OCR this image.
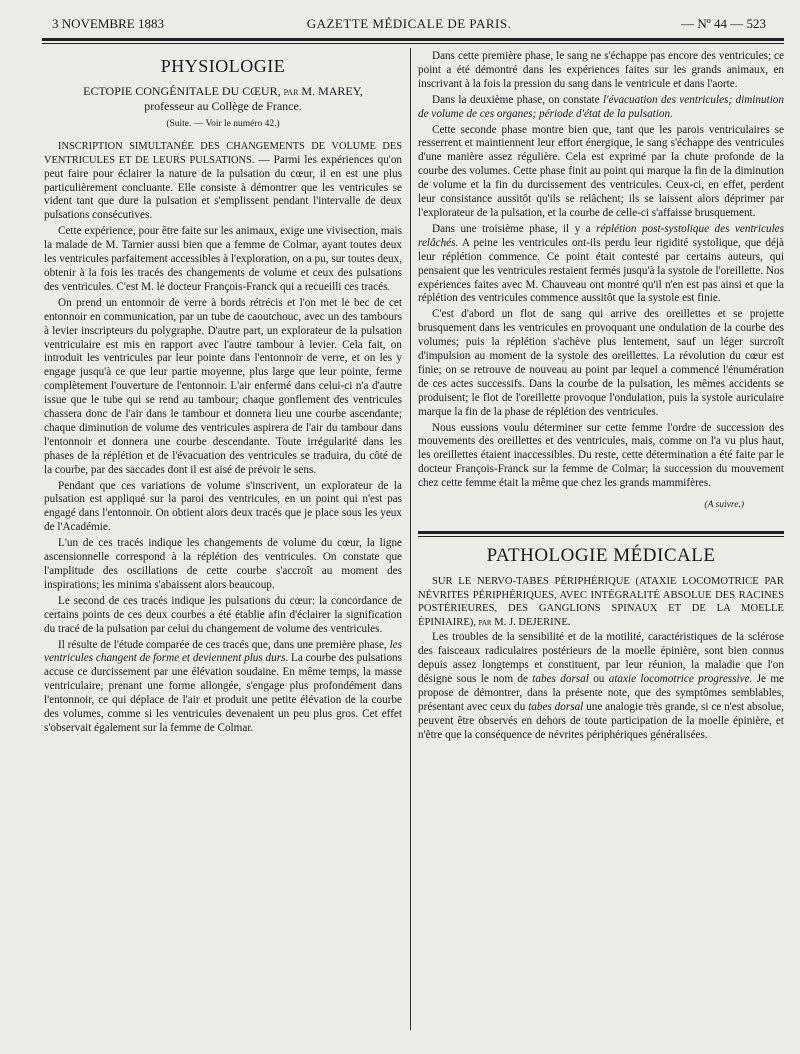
3 NOVEMBRE 1883	GAZETTE MÉDICALE DE PARIS.	— Nº 44 — 523
PHYSIOLOGIE
ECTOPIE CONGÉNITALE DU CŒUR, par M. MAREY,
professeur au Collège de France.
(Suite. — Voir le numéro 42.)

INSCRIPTION SIMULTANÉE DES CHANGEMENTS DE VOLUME DES VENTRICULES ET DE LEURS PULSATIONS. — Parmi les expériences qu'on peut faire pour éclairer la nature de la pulsation du cœur, il en est une plus particulièrement concluante. Elle consiste à démontrer que les ventricules se vident tant que dure la pulsation et s'emplissent pendant l'intervalle de deux pulsations consécutives.

Cette expérience, pour être faite sur les animaux, exige une vivisection, mais la malade de M. Tarnier aussi bien que a femme de Colmar, ayant toutes deux les ventricules parfaitement accessibles à l'exploration, on a pu, sur toutes deux, obtenir à la fois les tracés des changements de volume et ceux des pulsations des ventricules. C'est M. le docteur François-Franck qui a recueilli ces tracés.

On prend un entonnoir de verre à bords rétrécis et l'on met le bec de cet entonnoir en communication, par un tube de caoutchouc, avec un des tambours à levier inscripteurs du polygraphe. D'autre part, un explorateur de la pulsation ventriculaire est mis en rapport avec l'autre tambour à levier. Cela fait, on introduit les ventricules par leur pointe dans l'entonnoir de verre, et on les y engage jusqu'à ce que leur partie moyenne, plus large que leur pointe, ferme complètement l'ouverture de l'entonnoir. L'air enfermé dans celui-ci n'a d'autre issue que le tube qui se rend au tambour; chaque gonflement des ventricules chassera donc de l'air dans le tambour et donnera lieu une courbe ascendante; chaque diminution de volume des ventricules aspirera de l'air du tambour dans l'entonnoir et donnera une courbe descendante. Toute irrégularité dans les phases de la réplétion et de l'évacuation des ventricules se traduira, du côté de la courbe, par des saccades dont il est aisé de prévoir le sens.

Pendant que ces variations de volume s'inscrivent, un explorateur de la pulsation est appliqué sur la paroi des ventricules, en un point qui n'est pas engagé dans l'entonnoir. On obtient alors deux tracés que je place sous les yeux de l'Académie.

L'un de ces tracés indique les changements de volume du cœur, la ligne ascensionnelle correspond à la réplétion des ventricules. On constate que l'amplitude des oscillations de cette courbe s'accroît au moment des inspirations; les minima s'abaissent alors beaucoup.

Le second de ces tracés indique les pulsations du cœur: la concordance de certains points de ces deux courbes a été établie afin d'éclairer la signification du tracé de la pulsation par celui du changement de volume des ventricules.

Il résulte de l'étude comparée de ces tracés que, dans une première phase, les ventricules changent de forme et deviennent plus durs. La courbe des pulsations accuse ce durcissement par une élévation soudaine. En même temps, la masse ventriculaire, prenant une forme allongée, s'engage plus profondément dans l'entonnoir, ce qui déplace de l'air et produit une petite élévation de la courbe des volumes, comme si les ventricules devenaient un peu plus gros. Cet effet s'observait également sur la femme de Colmar.

Dans cette première phase, le sang ne s'échappe pas encore des ventricules; ce point a été démontré dans les expériences faites sur les grands animaux, en inscrivant à la fois la pression du sang dans le ventricule et dans l'aorte.

Dans la deuxième phase, on constate l'évacuation des ventricules; diminution de volume de ces organes; période d'état de la pulsation.

Cette seconde phase montre bien que, tant que les parois ventriculaires se resserrent et maintiennent leur effort énergique, le sang s'échappe des ventricules d'une manière assez régulière. Cela est exprimé par la chute profonde de la courbe des volumes. Cette phase finit au point qui marque la fin de la diminution de volume et la fin du durcissement des ventricules. Ceux-ci, en effet, perdent leur consistance aussitôt qu'ils se relâchent; ils se laissent alors déprimer par l'explorateur de la pulsation, et la courbe de celle-ci s'affaisse brusquement.

Dans une troisième phase, il y a réplétion post-systolique des ventricules relâchés. A peine les ventricules ont-ils perdu leur rigidité systolique, que déjà leur réplétion commence. Ce point était contesté par certains auteurs, qui pensaient que les ventricules restaient fermés jusqu'à la systole de l'oreillette. Nos expériences faites avec M. Chauveau ont montré qu'il n'en est pas ainsi et que la réplétion des ventricules commence aussitôt que la systole est finie.

C'est d'abord un flot de sang qui arrive des oreillettes et se projette brusquement dans les ventricules en provoquant une ondulation de la courbe des volumes; puis la réplétion s'achève plus lentement, sauf un léger surcroît d'impulsion au moment de la systole des oreillettes. La révolution du cœur est finie; on se retrouve de nouveau au point par lequel a commencé l'énumération de ces actes successifs. Dans la courbe de la pulsation, les mêmes accidents se produisent; le flot de l'oreillette provoque l'ondulation, puis la systole auriculaire marque la fin de la phase de réplétion des ventricules.

Nous eussions voulu déterminer sur cette femme l'ordre de succession des mouvements des oreillettes et des ventricules, mais, comme on l'a vu plus haut, les oreillettes étaient inaccessibles. Du reste, cette détermination a été faite par le docteur François-Franck sur la femme de Colmar; la succession du mouvement chez cette femme était la même que chez les grands mammifères.

(A suivre.)
PATHOLOGIE MÉDICALE

SUR LE NERVO-TABES PÉRIPHÉRIQUE (ATAXIE LOCOMOTRICE PAR NÉVRITES PÉRIPHÉRIQUES, AVEC INTÉGRALITÉ ABSOLUE DES RACINES POSTÉRIEURES, DES GANGLIONS SPINAUX ET DE LA MOELLE ÉPINIAIRE), par M. J. DEJERINE.

Les troubles de la sensibilité et de la motilité, caractéristiques de la sclérose des faisceaux radiculaires postérieurs de la moelle épinière, sont bien connus depuis assez longtemps et constituent, par leur réunion, la maladie que l'on désigne sous le nom de tabes dorsal ou ataxie locomotrice progressive. Je me propose de démontrer, dans la présente note, que des symptômes semblables, présentant avec ceux du tabes dorsal une analogie très grande, si ce n'est absolue, peuvent être observés en dehors de toute participation de la moelle épinière, et n'être que la conséquence de névrites périphériques généralisées.
